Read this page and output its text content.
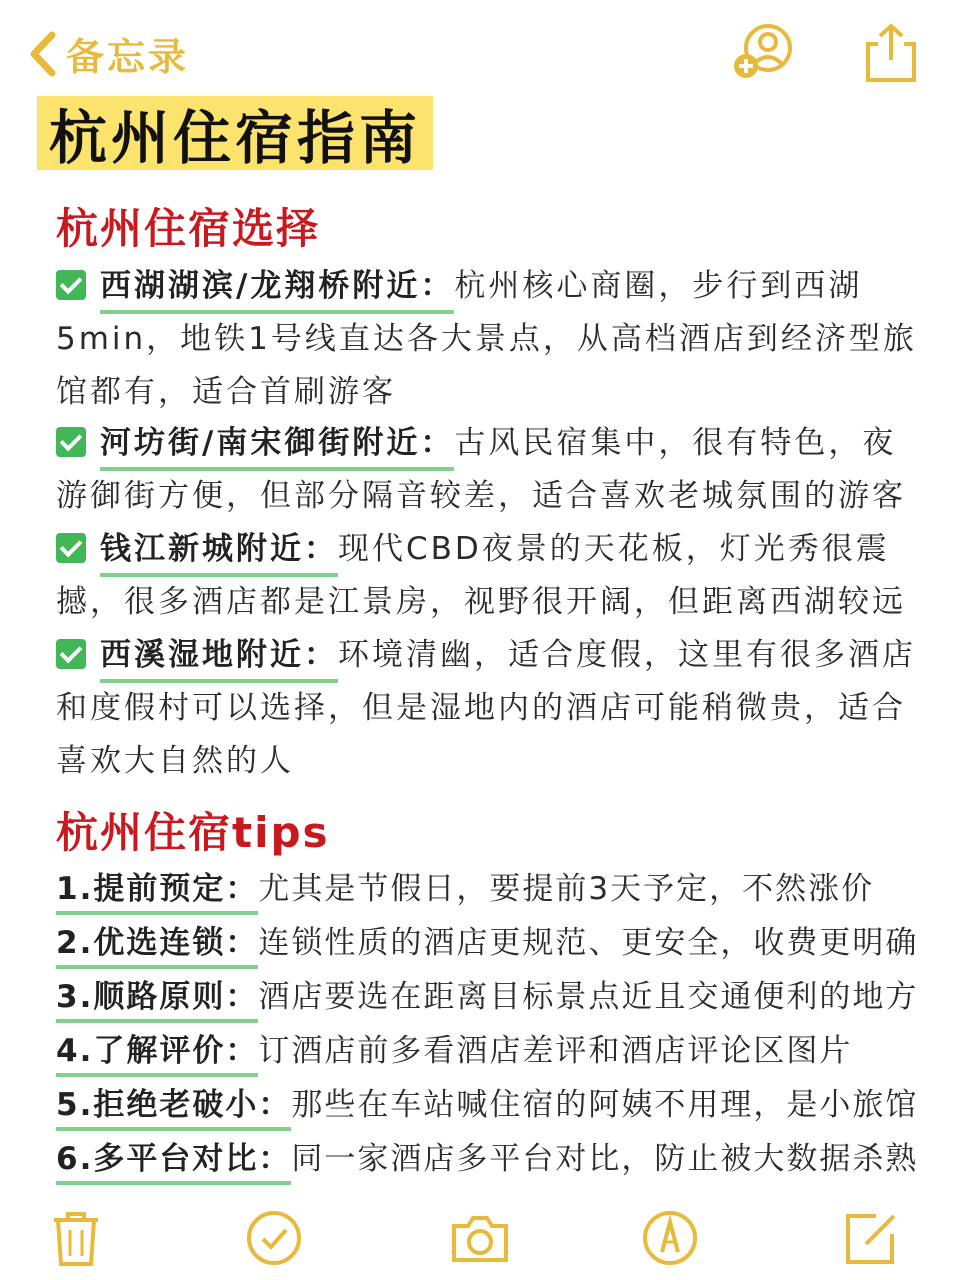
备忘录
杭州住宿指南
杭州住宿选择
西湖湖滨/龙翔桥附近：杭州核心商圈，步行到西湖5min，地铁1号线直达各大景点，从高档酒店到经济型旅馆都有，适合首刷游客
河坊街/南宋御街附近：古风民宿集中，很有特色，夜游御街方便，但部分隔音较差，适合喜欢老城氛围的游客
钱江新城附近：现代CBD夜景的天花板，灯光秀很震撼，很多酒店都是江景房，视野很开阔，但距离西湖较远
西溪湿地附近：环境清幽，适合度假，这里有很多酒店和度假村可以选择，但是湿地内的酒店可能稍微贵，适合喜欢大自然的人
杭州住宿tips
1.提前预定：尤其是节假日，要提前3天予定，不然涨价
2.优选连锁：连锁性质的酒店更规范、更安全，收费更明确
3.顺路原则：酒店要选在距离目标景点近且交通便利的地方
4.了解评价：订酒店前多看酒店差评和酒店评论区图片
5.拒绝老破小：那些在车站喊住宿的阿姨不用理，是小旅馆
6.多平台对比：同一家酒店多平台对比，防止被大数据杀熟
